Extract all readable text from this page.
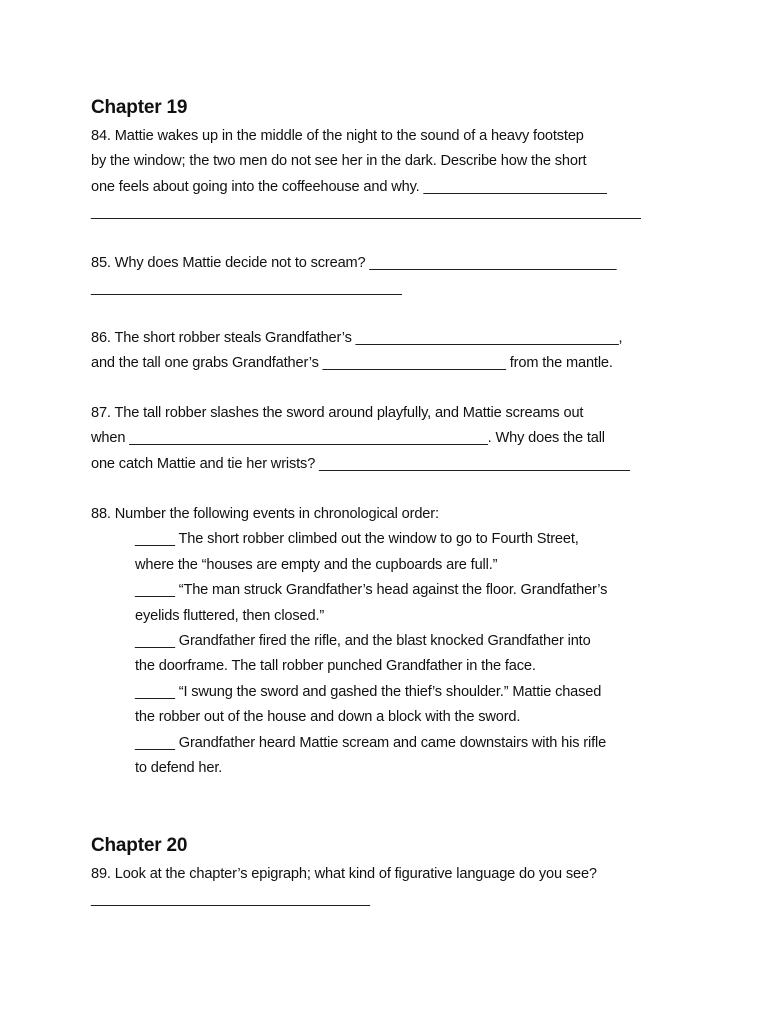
Chapter 19

84. Mattie wakes up in the middle of the night to the sound of a heavy footstep
by the window; the two men do not see her in the dark. Describe how the short
one feels about going into the coffeehouse and why. _______________________
_____________________________________________________________________

85. Why does Mattie decide not to scream? _______________________________
_______________________________________

86. The short robber steals Grandfather’s _________________________________,
and the tall one grabs Grandfather’s _______________________ from the mantle.

87. The tall robber slashes the sword around playfully, and Mattie screams out
when _____________________________________________. Why does the tall
one catch Mattie and tie her wrists? _______________________________________

88. Number the following events in chronological order:

_____ The short robber climbed out the window to go to Fourth Street,
where the “houses are empty and the cupboards are full.”
_____ “The man struck Grandfather’s head against the floor. Grandfather’s
eyelids fluttered, then closed.”
_____ Grandfather fired the rifle, and the blast knocked Grandfather into
the doorframe. The tall robber punched Grandfather in the face.
_____ “I swung the sword and gashed the thief’s shoulder.” Mattie chased
the robber out of the house and down a block with the sword.
_____ Grandfather heard Mattie scream and came downstairs with his rifle
to defend her.
Chapter 20

89. Look at the chapter’s epigraph; what kind of figurative language do you see?
___________________________________
